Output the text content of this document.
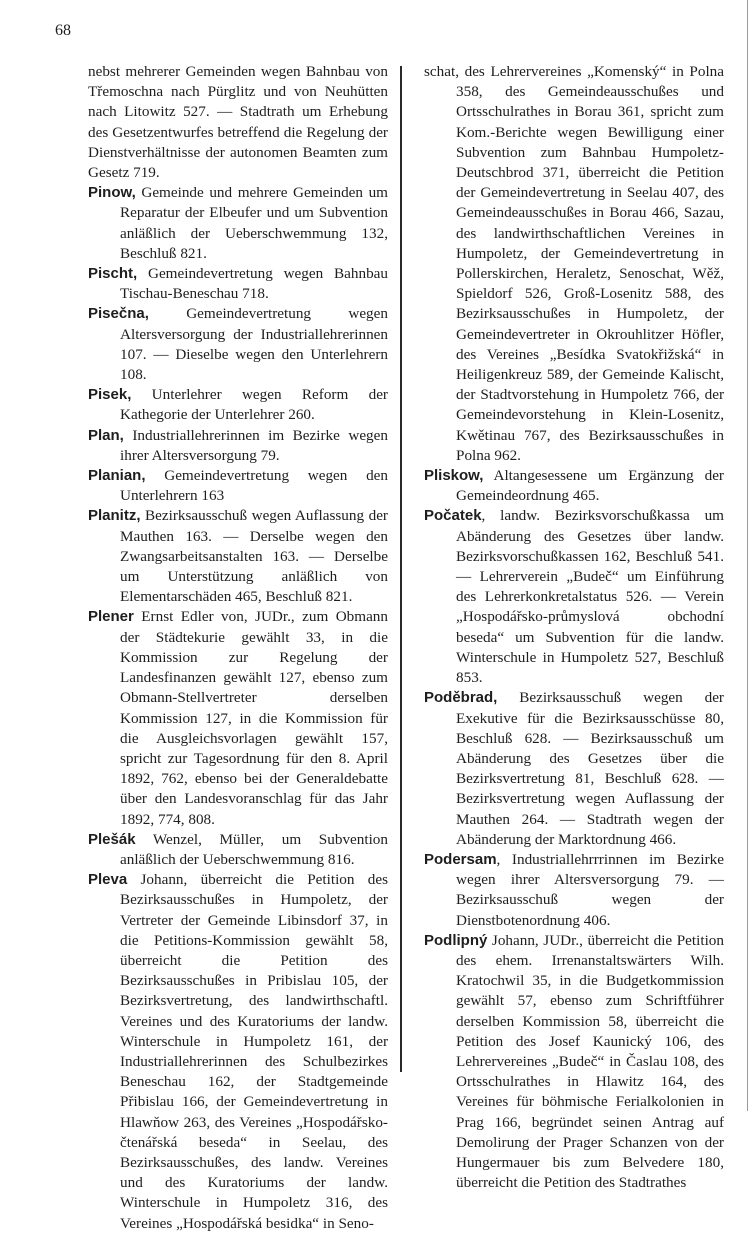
68

nebst mehrerer Gemeinden wegen Bahnbau von Třemoschna nach Pürglitz und von Neuhütten nach Litowitz 527. — Stadtrath um Erhebung des Gesetzentwurfes betreffend die Regelung der Dienstverhältnisse der autonomen Beamten zum Gesetz 719.

Pinow, Gemeinde und mehrere Gemeinden um Reparatur der Elbeufer und um Subvention anläßlich der Ueberschwemmung 132, Beschluß 821.

Pischt, Gemeindevertretung wegen Bahnbau Tischau-Beneschau 718.

Pisečna, Gemeindevertretung wegen Altersversorgung der Industriallehrerinnen 107. — Dieselbe wegen den Unterlehrern 108.

Pisek, Unterlehrer wegen Reform der Kathegorie der Unterlehrer 260.

Plan, Industriallehrerinnen im Bezirke wegen ihrer Altersversorgung 79.

Planian, Gemeindevertretung wegen den Unterlehrern 163

Planitz, Bezirksausschuß wegen Auflassung der Mauthen 163. — Derselbe wegen den Zwangsarbeitsanstalten 163. — Derselbe um Unterstützung anläßlich von Elementarschäden 465, Beschluß 821.

Plener Ernst Edler von, JUDr., zum Obmann der Städtekurie gewählt 33, in die Kommission zur Regelung der Landesfinanzen gewählt 127, ebenso zum Obmann-Stellvertreter derselben Kommission 127, in die Kommission für die Ausgleichsvorlagen gewählt 157, spricht zur Tagesordnung für den 8. April 1892, 762, ebenso bei der Generaldebatte über den Landesvoranschlag für das Jahr 1892, 774, 808.

Plešák Wenzel, Müller, um Subvention anläßlich der Ueberschwemmung 816.

Pleva Johann, überreicht die Petition des Bezirksausschußes in Humpoletz, der Vertreter der Gemeinde Libinsdorf 37, in die Petitions-Kommission gewählt 58, überreicht die Petition des Bezirksausschußes in Pribislau 105, der Bezirksvertretung, des landwirthschaftl. Vereines und des Kuratoriums der landw. Winterschule in Humpoletz 161, der Industriallehrerinnen des Schulbezirkes Beneschau 162, der Stadtgemeinde Přibislau 166, der Gemeindevertretung in Hlawňow 263, des Vereines „Hospodářsko-čtenářská beseda“ in Seelau, des Bezirksausschußes, des landw. Vereines und des Kuratoriums der landw. Winterschule in Humpoletz 316, des Vereines „Hospodářská besidka“ in Seno-

schat, des Lehrervereines „Komenský“ in Polna 358, des Gemeindeausschußes und Ortsschulrathes in Borau 361, spricht zum Kom.-Berichte wegen Bewilligung einer Subvention zum Bahnbau Humpoletz-Deutschbrod 371, überreicht die Petition der Gemeindevertretung in Seelau 407, des Gemeindeausschußes in Borau 466, Sazau, des landwirthschaftlichen Vereines in Humpoletz, der Gemeindevertretung in Pollerskirchen, Heraletz, Senoschat, Wěž, Spieldorf 526, Groß-Losenitz 588, des Bezirksausschußes in Humpoletz, der Gemeindevertreter in Okrouhlitzer Höfler, des Vereines „Besídka Svatokřižská“ in Heiligenkreuz 589, der Gemeinde Kalischt, der Stadtvorstehung in Humpoletz 766, der Gemeindevorstehung in Klein-Losenitz, Kwětinau 767, des Bezirksausschußes in Polna 962.

Pliskow, Altangesessene um Ergänzung der Gemeindeordnung 465.

Počatek, landw. Bezirksvorschußkassa um Abänderung des Gesetzes über landw. Bezirksvorschußkassen 162, Beschluß 541. — Lehrerverein „Budeč“ um Einführung des Lehrerkonkretalstatus 526. — Verein „Hospodářsko-průmyslová obchodní beseda“ um Subvention für die landw. Winterschule in Humpoletz 527, Beschluß 853.

Poděbrad, Bezirksausschuß wegen der Exekutive für die Bezirksausschüsse 80, Beschluß 628. — Bezirksausschuß um Abänderung des Gesetzes über die Bezirksvertretung 81, Beschluß 628. — Bezirksvertretung wegen Auflassung der Mauthen 264. — Stadtrath wegen der Abänderung der Marktordnung 466.

Podersam, Industriallehrrrinnen im Bezirke wegen ihrer Altersversorgung 79. — Bezirksausschuß wegen der Dienstbotenordnung 406.

Podlipný Johann, JUDr., überreicht die Petition des ehem. Irrenanstaltswärters Wilh. Kratochwil 35, in die Budgetkommission gewählt 57, ebenso zum Schriftführer derselben Kommission 58, überreicht die Petition des Josef Kaunický 106, des Lehrervereines „Budeč“ in Časlau 108, des Ortsschulrathes in Hlawitz 164, des Vereines für böhmische Ferialkolonien in Prag 166, begründet seinen Antrag auf Demolirung der Prager Schanzen von der Hungermauer bis zum Belvedere 180, überreicht die Petition des Stadtrathes
